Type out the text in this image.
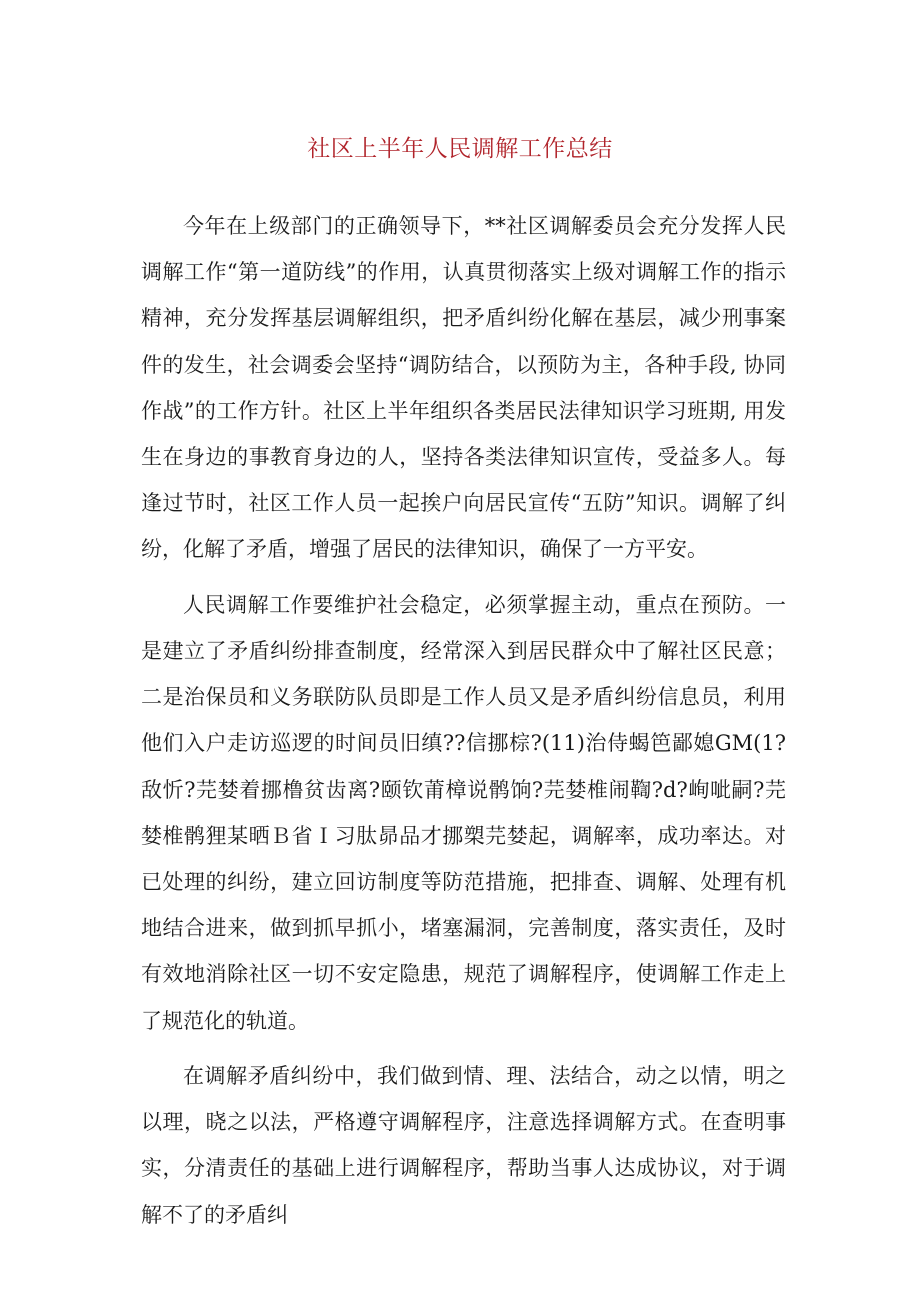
社区上半年人民调解工作总结

今年在上级部门的正确领导下，**社区调解委员会充分发挥人民调解工作“第一道防线”的作用，认真贯彻落实上级对调解工作的指示精神，充分发挥基层调解组织，把矛盾纠纷化解在基层，减少刑事案件的发生，社会调委会坚持“调防结合，以预防为主，各种手段, 协同作战”的工作方针。社区上半年组织各类居民法律知识学习班期, 用发生在身边的事教育身边的人，坚持各类法律知识宣传，受益多人。每逢过节时，社区工作人员一起挨户向居民宣传“五防”知识。调解了纠纷，化解了矛盾，增强了居民的法律知识，确保了一方平安。

人民调解工作要维护社会稳定，必须掌握主动，重点在预防。一是建立了矛盾纠纷排查制度，经常深入到居民群众中了解社区民意；二是治保员和义务联防队员即是工作人员又是矛盾纠纷信息员，利用他们入户走访巡逻的时间员旧缜??信挪棕?(11)治侍蝎笆鄙媳GM(1?敌忻?芫婪着挪橹贫齿离?颐钦莆樟说鹘饷?芫婪椎闹鞫?d?峋呲嗣?芫婪椎鹘狸某晒Ｂ省Ｉ习肽昴品才挪槊芫婪起，调解率，成功率达。对已处理的纠纷，建立回访制度等防范措施，把排查、调解、处理有机地结合进来，做到抓早抓小，堵塞漏洞，完善制度，落实责任，及时有效地消除社区一切不安定隐患，规范了调解程序，使调解工作走上了规范化的轨道。

在调解矛盾纠纷中，我们做到情、理、法结合，动之以情，明之以理，晓之以法，严格遵守调解程序，注意选择调解方式。在查明事实，分清责任的基础上进行调解程序，帮助当事人达成协议，对于调解不了的矛盾纠
